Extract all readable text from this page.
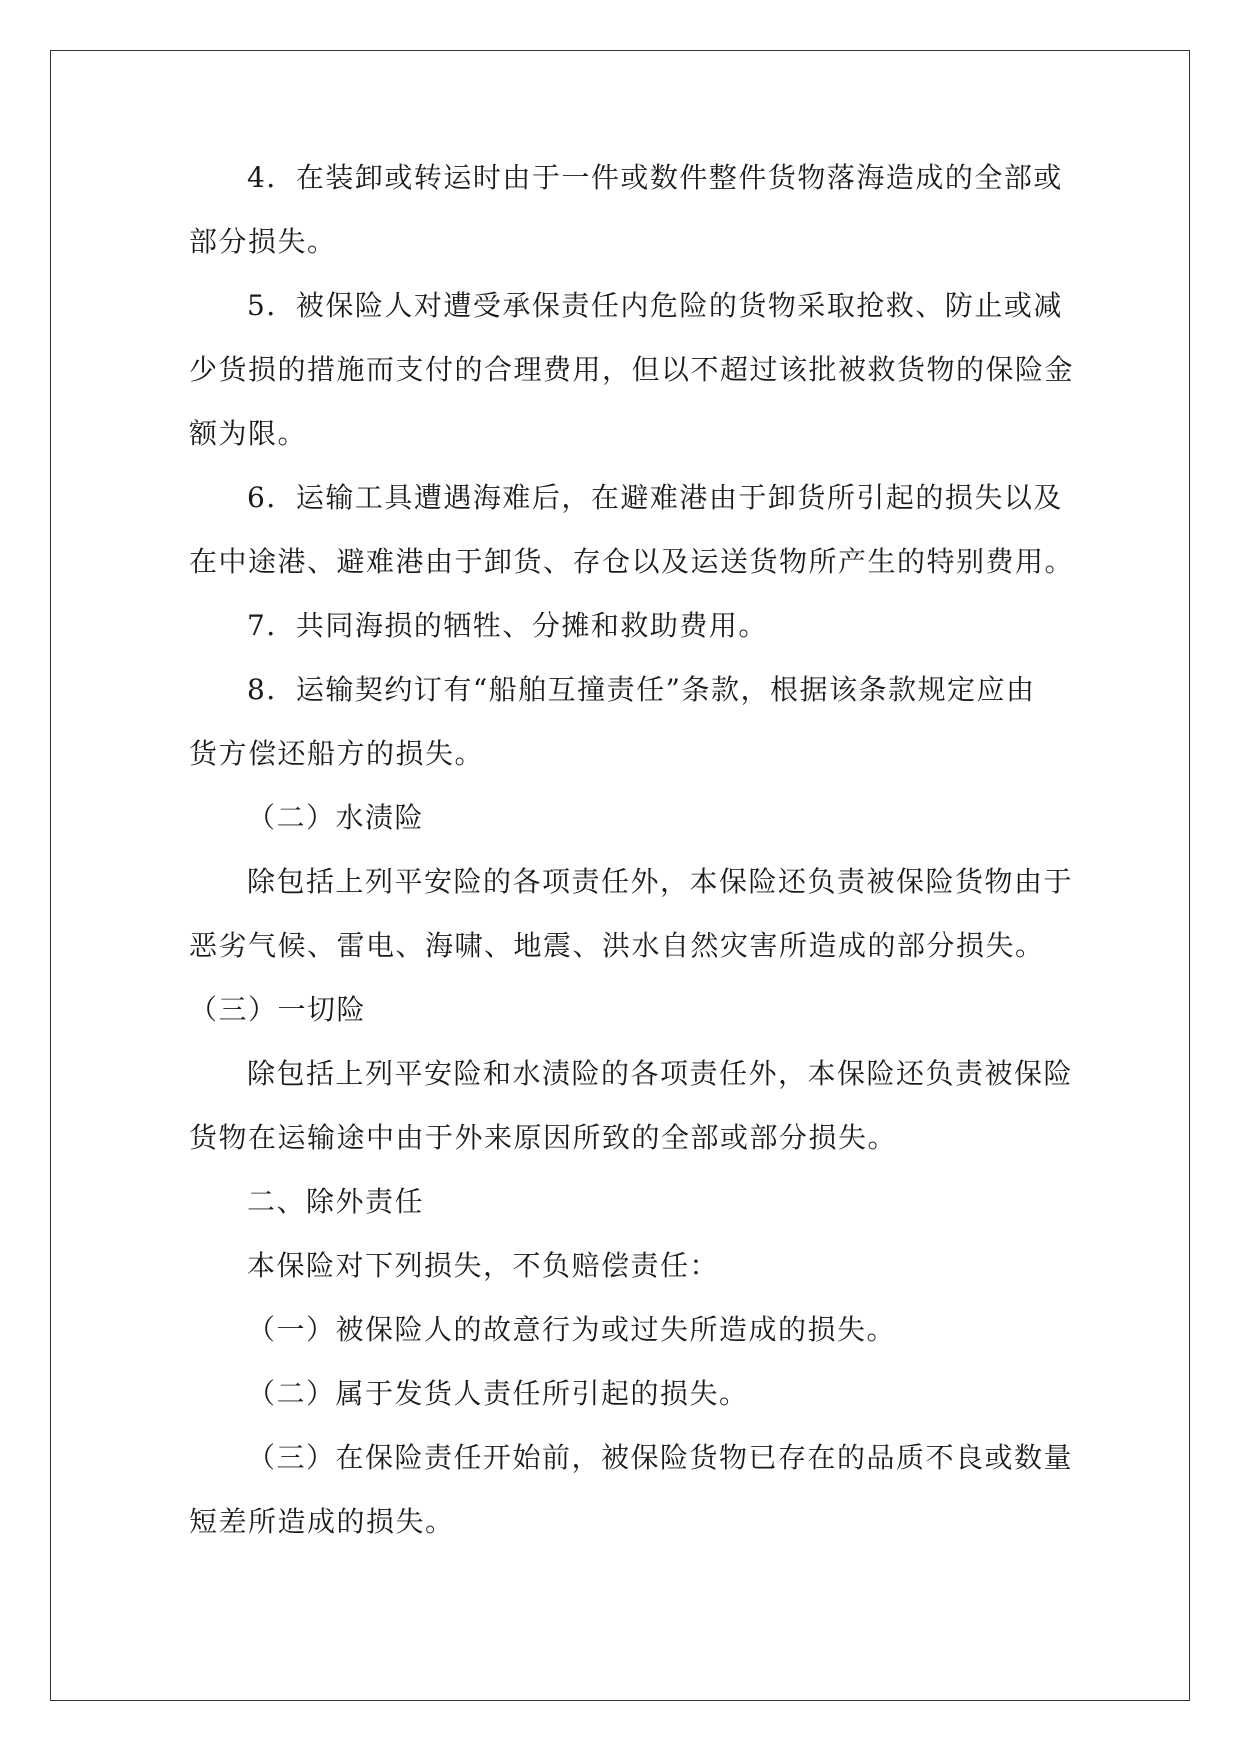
4．在装卸或转运时由于一件或数件整件货物落海造成的全部或
部分损失。
5．被保险人对遭受承保责任内危险的货物采取抢救、防止或减
少货损的措施而支付的合理费用，但以不超过该批被救货物的保险金
额为限。
6．运输工具遭遇海难后，在避难港由于卸货所引起的损失以及
在中途港、避难港由于卸货、存仓以及运送货物所产生的特别费用。
7．共同海损的牺牲、分摊和救助费用。
8．运输契约订有“船舶互撞责任”条款，根据该条款规定应由
货方偿还船方的损失。
（二）水渍险
除包括上列平安险的各项责任外，本保险还负责被保险货物由于
恶劣气候、雷电、海啸、地震、洪水自然灾害所造成的部分损失。
（三）一切险
除包括上列平安险和水渍险的各项责任外，本保险还负责被保险
货物在运输途中由于外来原因所致的全部或部分损失。
二、除外责任
本保险对下列损失，不负赔偿责任：
（一）被保险人的故意行为或过失所造成的损失。
（二）属于发货人责任所引起的损失。
（三）在保险责任开始前，被保险货物已存在的品质不良或数量
短差所造成的损失。
